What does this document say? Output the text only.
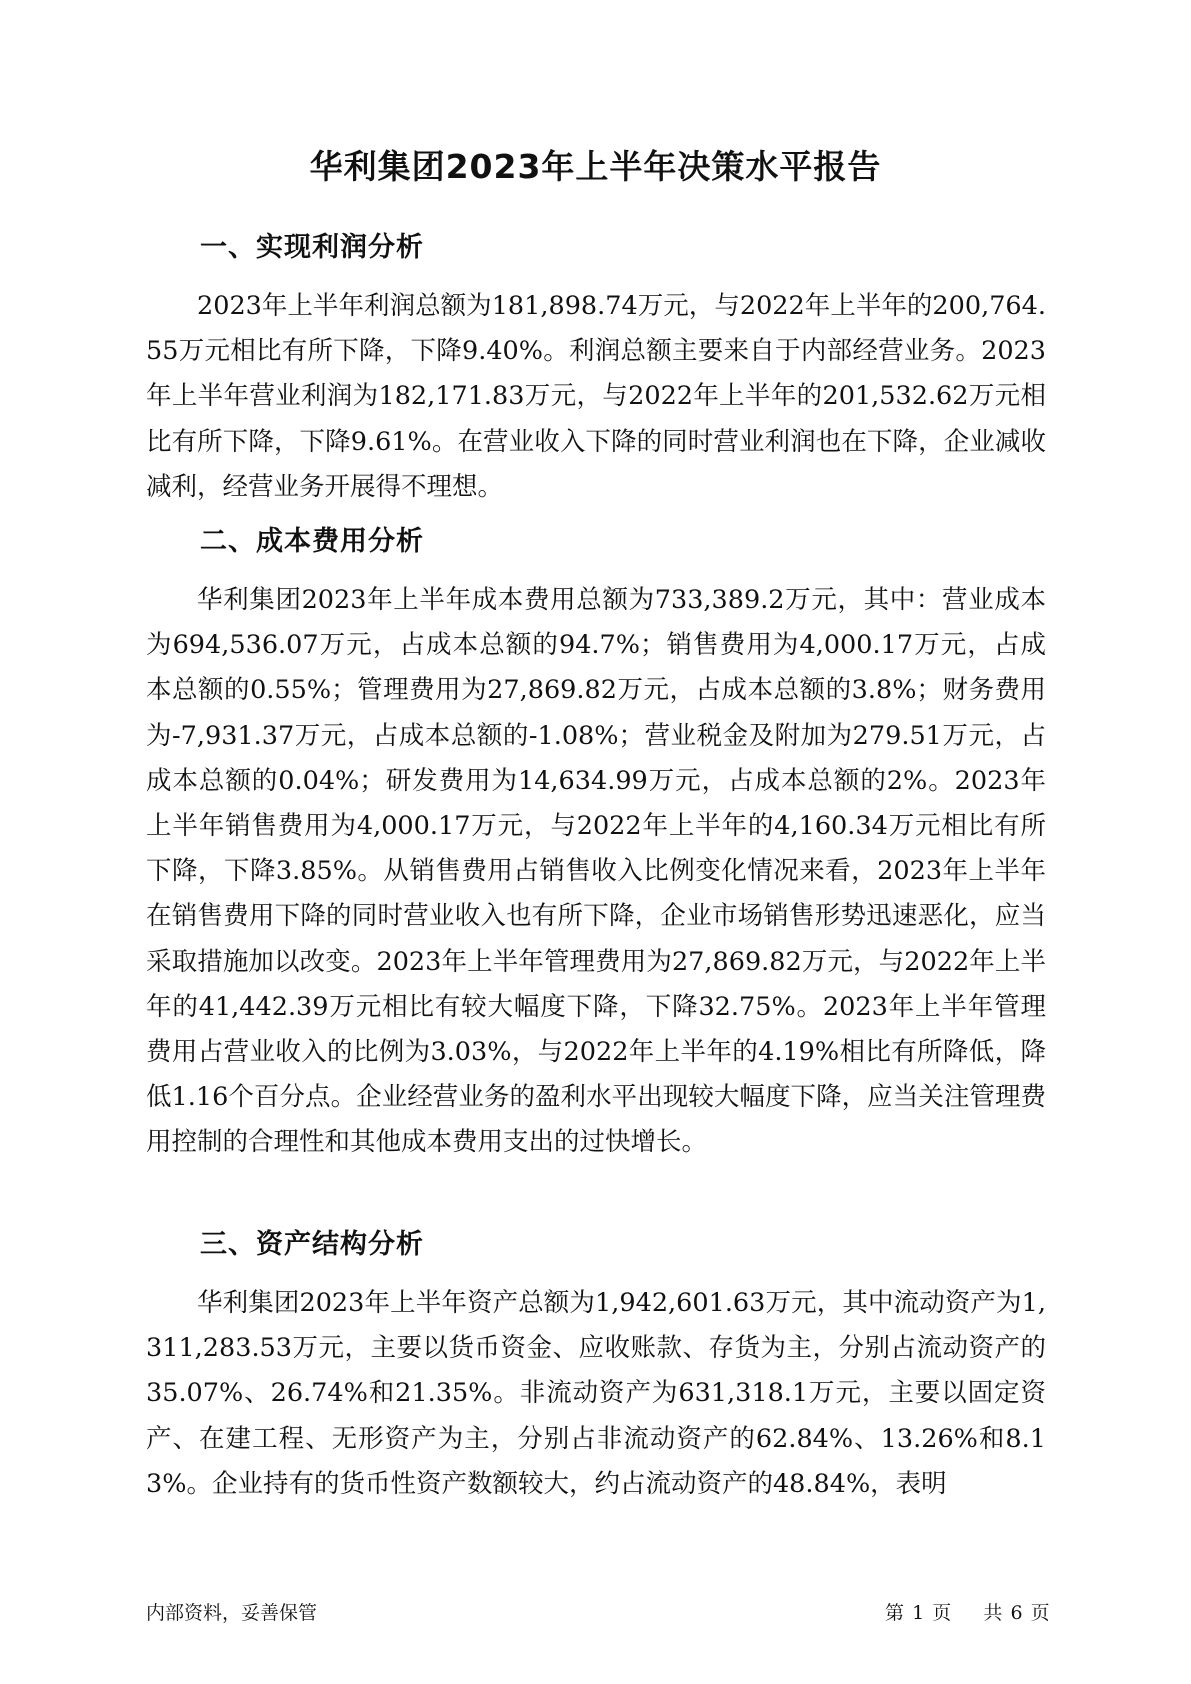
华利集团2023年上半年决策水平报告
一、实现利润分析

2023年上半年利润总额为181,898.74万元，与2022年上半年的200,764.55万元相比有所下降，下降9.40%。利润总额主要来自于内部经营业务。2023年上半年营业利润为182,171.83万元，与2022年上半年的201,532.62万元相比有所下降，下降9.61%。在营业收入下降的同时营业利润也在下降，企业减收减利，经营业务开展得不理想。

二、成本费用分析

华利集团2023年上半年成本费用总额为733,389.2万元，其中：营业成本为694,536.07万元，占成本总额的94.7%；销售费用为4,000.17万元，占成本总额的0.55%；管理费用为27,869.82万元，占成本总额的3.8%；财务费用为-7,931.37万元，占成本总额的-1.08%；营业税金及附加为279.51万元，占成本总额的0.04%；研发费用为14,634.99万元，占成本总额的2%。2023年上半年销售费用为4,000.17万元，与2022年上半年的4,160.34万元相比有所下降，下降3.85%。从销售费用占销售收入比例变化情况来看，2023年上半年在销售费用下降的同时营业收入也有所下降，企业市场销售形势迅速恶化，应当采取措施加以改变。2023年上半年管理费用为27,869.82万元，与2022年上半年的41,442.39万元相比有较大幅度下降，下降32.75%。2023年上半年管理费用占营业收入的比例为3.03%，与2022年上半年的4.19%相比有所降低，降低1.16个百分点。企业经营业务的盈利水平出现较大幅度下降，应当关注管理费用控制的合理性和其他成本费用支出的过快增长。

三、资产结构分析

华利集团2023年上半年资产总额为1,942,601.63万元，其中流动资产为1,311,283.53万元，主要以货币资金、应收账款、存货为主，分别占流动资产的35.07%、26.74%和21.35%。非流动资产为631,318.1万元，主要以固定资产、在建工程、无形资产为主，分别占非流动资产的62.84%、13.26%和8.13%。企业持有的货币性资产数额较大，约占流动资产的48.84%，表明

内部资料，妥善保管	第 1 页 共 6 页
